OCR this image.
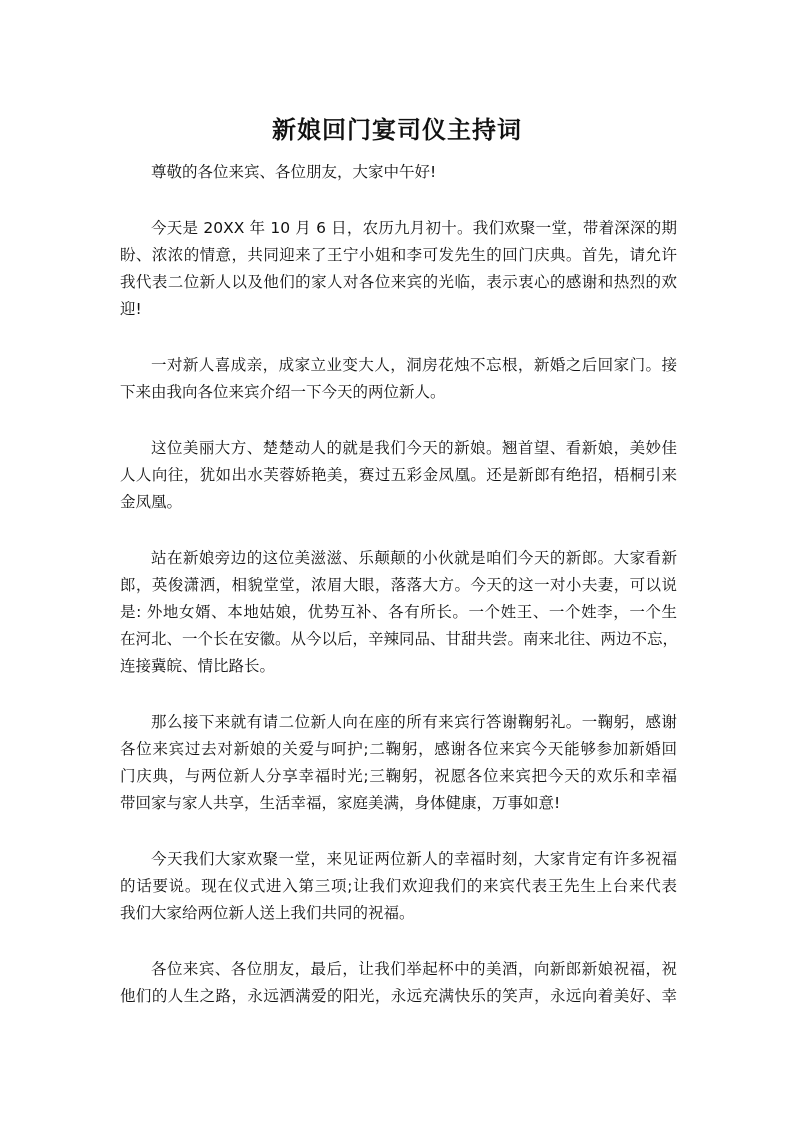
新娘回门宴司仪主持词

尊敬的各位来宾、各位朋友，大家中午好!

今天是 20XX 年 10 月 6 日，农历九月初十。我们欢聚一堂，带着深深的期
盼、浓浓的情意，共同迎来了王宁小姐和李可发先生的回门庆典。首先，请允许
我代表二位新人以及他们的家人对各位来宾的光临，表示衷心的感谢和热烈的欢
迎!

一对新人喜成亲，成家立业变大人，洞房花烛不忘根，新婚之后回家门。接
下来由我向各位来宾介绍一下今天的两位新人。

这位美丽大方、楚楚动人的就是我们今天的新娘。翘首望、看新娘，美妙佳
人人向往，犹如出水芙蓉娇艳美，赛过五彩金凤凰。还是新郎有绝招，梧桐引来
金凤凰。

站在新娘旁边的这位美滋滋、乐颠颠的小伙就是咱们今天的新郎。大家看新
郎，英俊潇洒，相貌堂堂，浓眉大眼，落落大方。今天的这一对小夫妻，可以说
是: 外地女婿、本地姑娘，优势互补、各有所长。一个姓王、一个姓李，一个生
在河北、一个长在安徽。从今以后，辛辣同品、甘甜共尝。南来北往、两边不忘，
连接冀皖、情比路长。

那么接下来就有请二位新人向在座的所有来宾行答谢鞠躬礼。一鞠躬，感谢
各位来宾过去对新娘的关爱与呵护;二鞠躬，感谢各位来宾今天能够参加新婚回
门庆典，与两位新人分享幸福时光;三鞠躬，祝愿各位来宾把今天的欢乐和幸福
带回家与家人共享，生活幸福，家庭美满，身体健康，万事如意!

今天我们大家欢聚一堂，来见证两位新人的幸福时刻，大家肯定有许多祝福
的话要说。现在仪式进入第三项;让我们欢迎我们的来宾代表王先生上台来代表
我们大家给两位新人送上我们共同的祝福。

各位来宾、各位朋友，最后，让我们举起杯中的美酒，向新郎新娘祝福，祝
他们的人生之路，永远洒满爱的阳光，永远充满快乐的笑声，永远向着美好、幸
